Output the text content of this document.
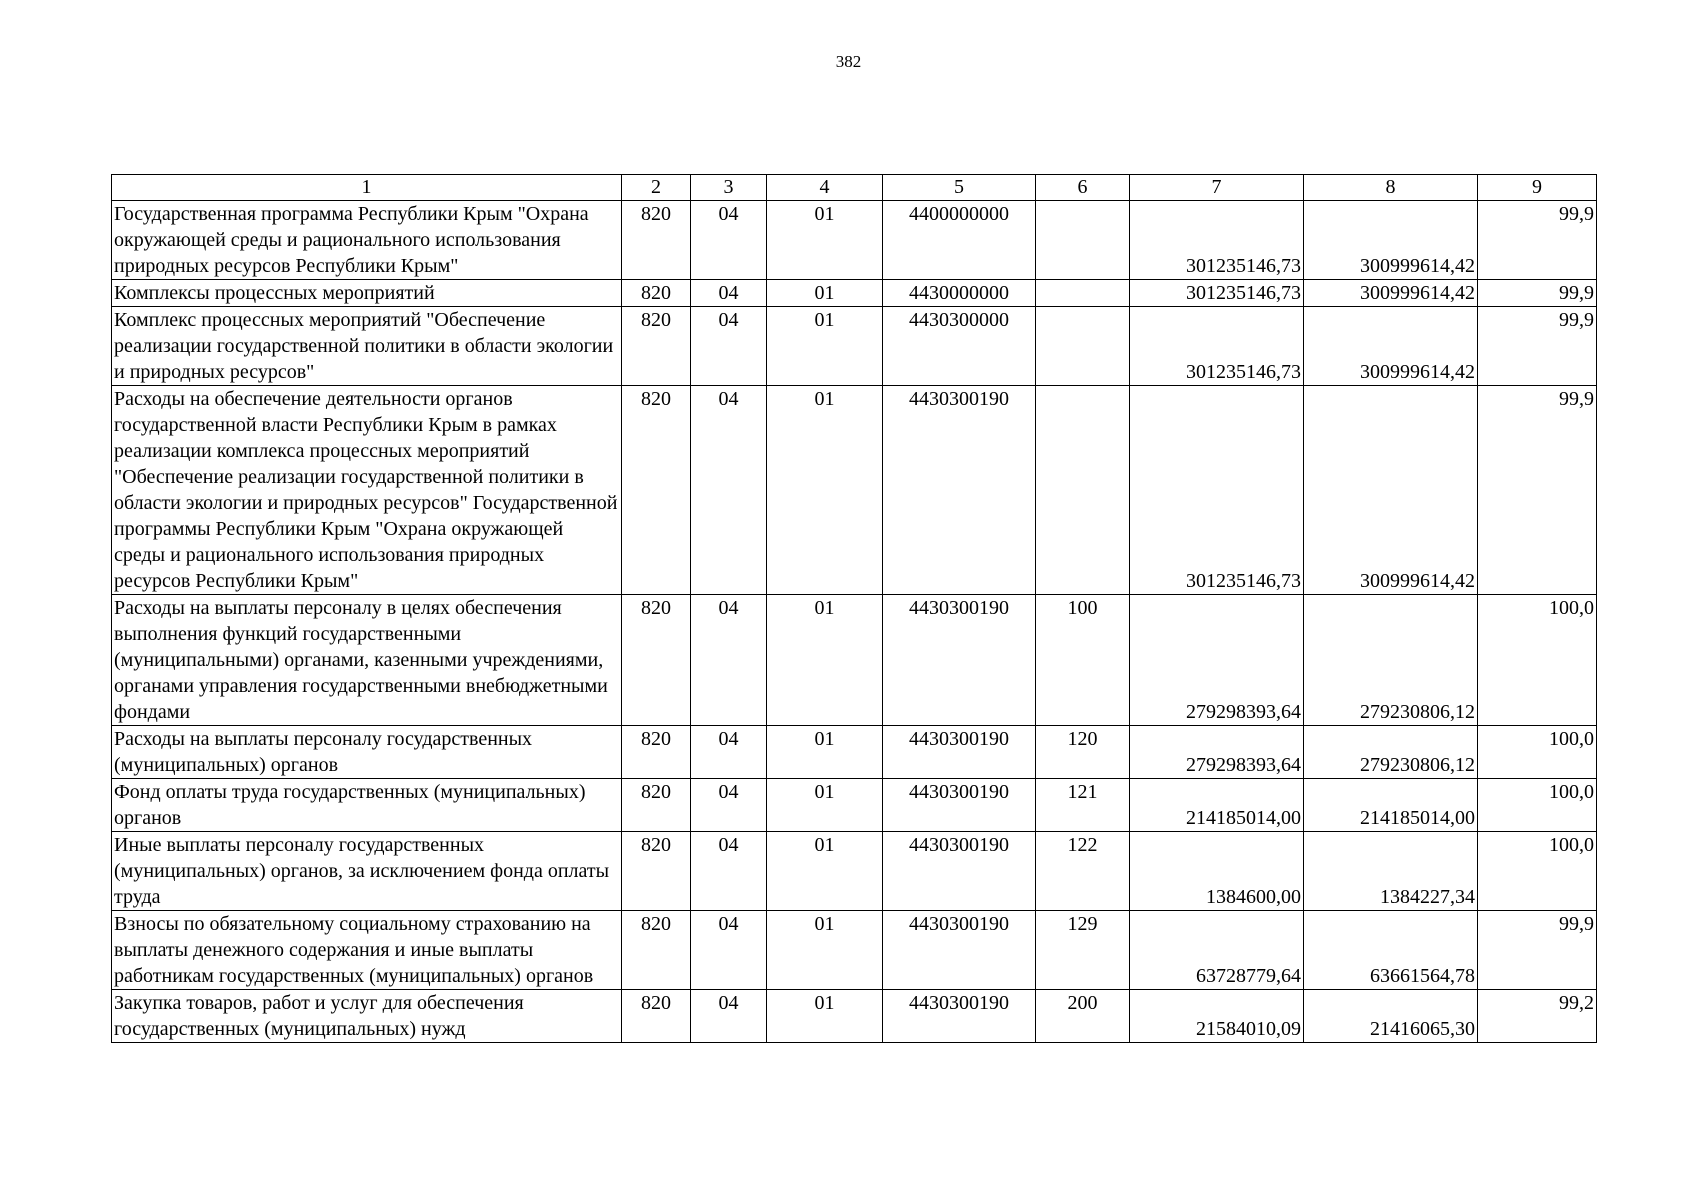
382
1	2	3	4	5	6	7	8	9
Государственная программа Республики Крым "Охрана окружающей среды и рационального использования природных ресурсов Республики Крым"	820	04	01	4400000000		301235146,73	300999614,42	99,9
Комплексы процессных мероприятий	820	04	01	4430000000		301235146,73	300999614,42	99,9
Комплекс процессных мероприятий "Обеспечение реализации государственной политики в области экологии и природных ресурсов"	820	04	01	4430300000		301235146,73	300999614,42	99,9
Расходы на обеспечение деятельности органов государственной власти Республики Крым в рамках реализации комплекса процессных мероприятий "Обеспечение реализации государственной политики в области экологии и природных ресурсов" Государственной программы Республики Крым "Охрана окружающей среды и рационального использования природных ресурсов Республики Крым"	820	04	01	4430300190		301235146,73	300999614,42	99,9
Расходы на выплаты персоналу в целях обеспечения выполнения функций государственными (муниципальными) органами, казенными учреждениями, органами управления государственными внебюджетными фондами	820	04	01	4430300190	100	279298393,64	279230806,12	100,0
Расходы на выплаты персоналу государственных (муниципальных) органов	820	04	01	4430300190	120	279298393,64	279230806,12	100,0
Фонд оплаты труда государственных (муниципальных) органов	820	04	01	4430300190	121	214185014,00	214185014,00	100,0
Иные выплаты персоналу государственных (муниципальных) органов, за исключением фонда оплаты труда	820	04	01	4430300190	122	1384600,00	1384227,34	100,0
Взносы по обязательному социальному страхованию на выплаты денежного содержания и иные выплаты работникам государственных (муниципальных) органов	820	04	01	4430300190	129	63728779,64	63661564,78	99,9
Закупка товаров, работ и услуг для обеспечения государственных (муниципальных) нужд	820	04	01	4430300190	200	21584010,09	21416065,30	99,2
